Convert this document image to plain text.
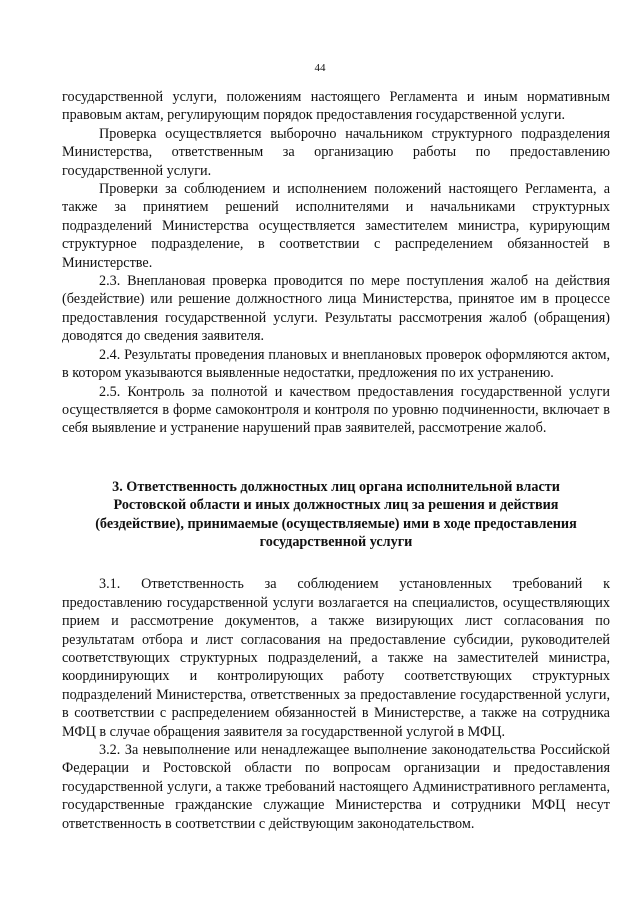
44

государственной услуги, положениям настоящего Регламента и иным нормативным правовым актам, регулирующим порядок предоставления государственной услуги.

Проверка осуществляется выборочно начальником структурного подразделения Министерства, ответственным за организацию работы по предоставлению государственной услуги.

Проверки за соблюдением и исполнением положений настоящего Регламента, а также за принятием решений исполнителями и начальниками структурных подразделений Министерства осуществляется заместителем министра, курирующим структурное подразделение, в соответствии с распределением обязанностей в Министерстве.

2.3. Внеплановая проверка проводится по мере поступления жалоб на действия (бездействие) или решение должностного лица Министерства, принятое им в процессе предоставления государственной услуги. Результаты рассмотрения жалоб (обращения) доводятся до сведения заявителя.

2.4. Результаты проведения плановых и внеплановых проверок оформляются актом, в котором указываются выявленные недостатки, предложения по их устранению.

2.5. Контроль за полнотой и качеством предоставления государственной услуги осуществляется в форме самоконтроля и контроля по уровню подчиненности, включает в себя выявление и устранение нарушений прав заявителей, рассмотрение жалоб.

3. Ответственность должностных лиц органа исполнительной власти Ростовской области и иных должностных лиц за решения и действия (бездействие), принимаемые (осуществляемые) ими в ходе предоставления государственной услуги

3.1. Ответственность за соблюдением установленных требований к предоставлению государственной услуги возлагается на специалистов, осуществляющих прием и рассмотрение документов, а также визирующих лист согласования по результатам отбора и лист согласования на предоставление субсидии, руководителей соответствующих структурных подразделений, а также на заместителей министра, координирующих и контролирующих работу соответствующих структурных подразделений Министерства, ответственных за предоставление государственной услуги, в соответствии с распределением обязанностей в Министерстве, а также на сотрудника МФЦ в случае обращения заявителя за государственной услугой в МФЦ.

3.2. За невыполнение или ненадлежащее выполнение законодательства Российской Федерации и Ростовской области по вопросам организации и предоставления государственной услуги, а также требований настоящего Административного регламента, государственные гражданские служащие Министерства и сотрудники МФЦ несут ответственность в соответствии с действующим законодательством.
